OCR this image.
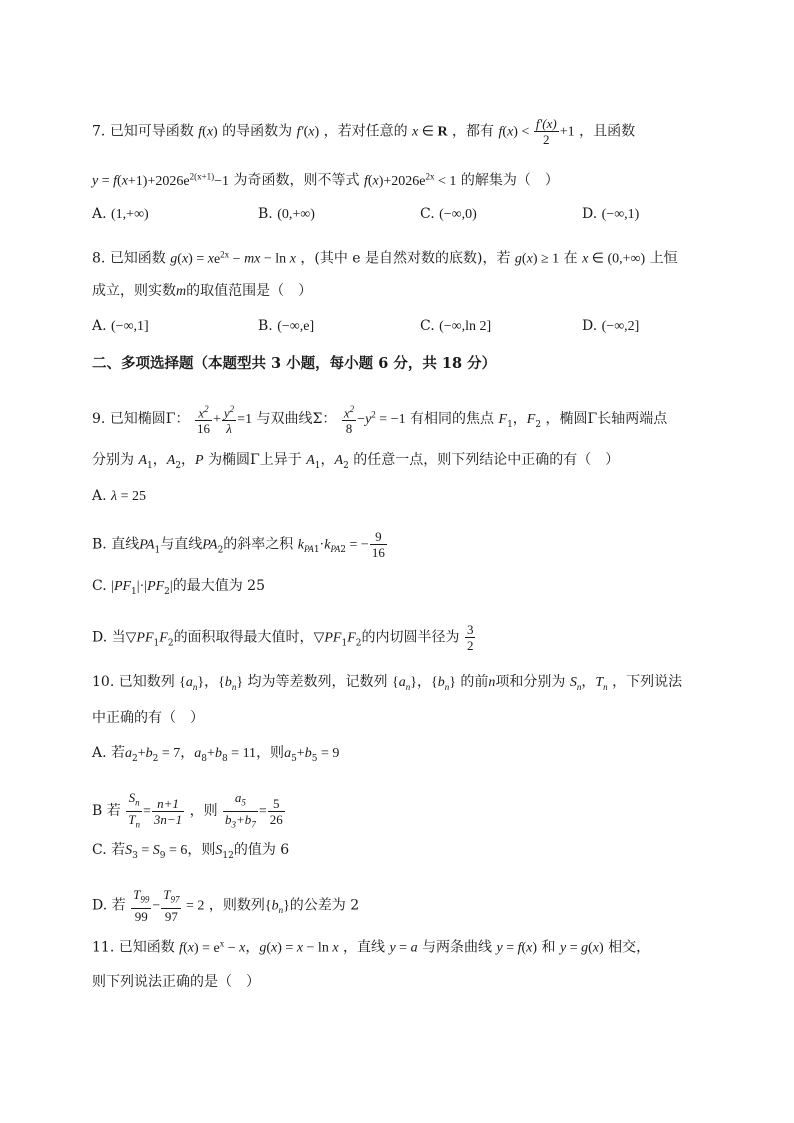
7. 已知可导函数 f(x) 的导函数为 f′(x) ，若对任意的 x ∈ R ，都有 $f(x) < \frac{f'(x)}{2} +1$ ，且函数
$y = f(x+1)+2026e^{2(x+1)}-1$ 为奇函数，则不等式 $f(x)+2026e^{2x} < 1$ 的解集为（　）
A. (1,+∞)	B. (0,+∞)	C. (−∞,0)	D. (−∞,1)
8. 已知函数 $g(x) = xe^{2x}$ − mx − ln x ，(其中 e 是自然对数的底数)，若 g(x) ≥ 1 在 x ∈ (0,+∞) 上恒
成立，则实数m的取值范围是（　）
A. (−∞,1]	B. (−∞,e]	C. (−∞,ln 2]	D. (−∞,2]
二、多项选择题（本题型共 3 小题，每小题 6 分，共 18 分）
9. 已知椭圆Γ： $\frac{x^2}{16} + \frac{y^2}{\lambda} =1$ 与双曲线Σ： $\frac{x^2}{8} -y^2 = -1$ 有相同的焦点 $F_1$，$F_2$ ，椭圆Γ长轴两端点
分别为 $A_1$，$A_2$，P 为椭圆Γ上异于 $A_1$，$A_2$ 的任意一点，则下列结论中正确的有（　）
A. λ = 25
B. 直线$PA_1$与直线$PA_2$的斜率之积 $k_{PA1}\cdot k_{PA2}$ = − $\frac{9}{16}$
C. $|PF_1|\cdot|PF_2|$的最大值为 25
D. 当$▽PF_1F_2$的面积取得最大值时，$▽PF_1F_2$的内切圆半径为 $\frac{3}{2}$
10. 已知数列 $\{a_n\}$，$\{b_n\}$ 均为等差数列，记数列 $\{a_n\}$，$\{b_n\}$ 的前n项和分别为 $S_n$，$T_n$ ，下列说法
中正确的有（　）
A. 若$a_2+b_2 = 7$，$a_8+b_8 = 11$，则$a_5+b_5 = 9$
B 若 $\frac{S_n}{T_n} = \frac{n+1}{3n-1}$ ，则 $\frac{a_5}{b_3+b_7} = \frac{5}{26}$
C. 若$S_3 = S_9 = 6$，则$S_{12}$的值为 6
D. 若 $\frac{T_{99}}{99} - \frac{T_{97}}{97} = 2$ ，则数列$\{b_n\}$的公差为 2
11. 已知函数 $f(x) = e^x - x$，g(x) = x − ln x ，直线 y = a 与两条曲线 y = f(x) 和 y = g(x) 相交，
则下列说法正确的是（　）
